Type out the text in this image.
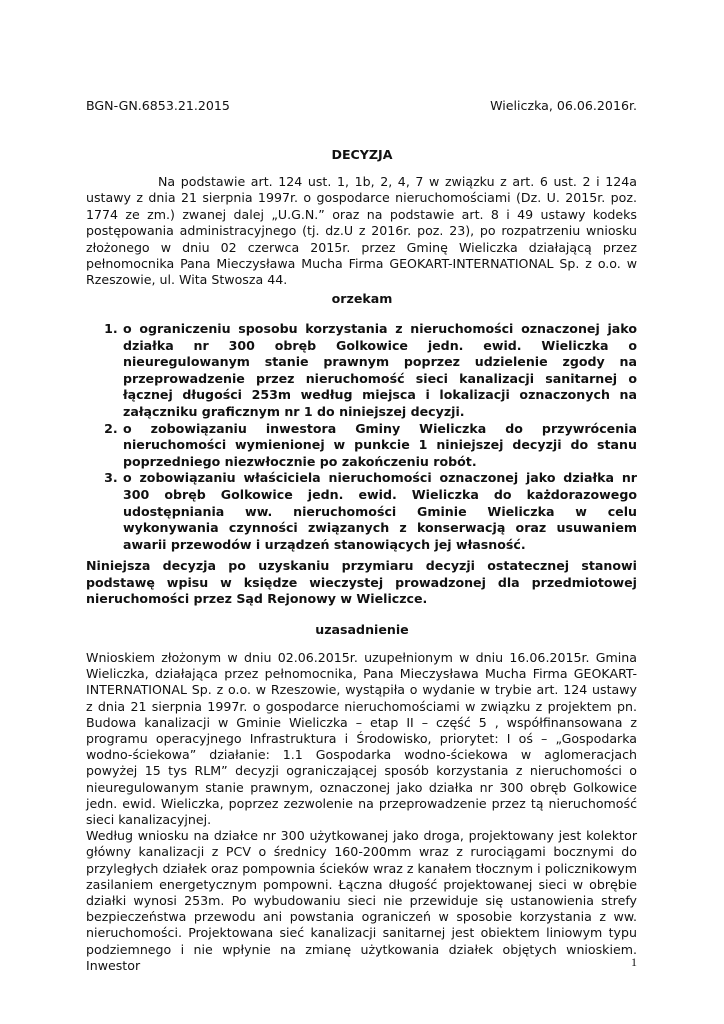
BGN-GN.6853.21.2015	Wieliczka, 06.06.2016r.
DECYZJA
Na podstawie art. 124 ust. 1, 1b, 2, 4, 7 w związku z art. 6 ust. 2 i 124a ustawy z dnia 21 sierpnia 1997r. o gospodarce nieruchomościami (Dz. U. 2015r. poz. 1774 ze zm.) zwanej dalej „U.G.N.” oraz na podstawie art. 8 i 49 ustawy kodeks postępowania administracyjnego (tj. dz.U z 2016r. poz. 23), po rozpatrzeniu wniosku złożonego w dniu 02 czerwca 2015r. przez Gminę Wieliczka działającą przez pełnomocnika Pana Mieczysława Mucha Firma GEOKART-INTERNATIONAL Sp. z o.o. w Rzeszowie, ul. Wita Stwosza 44.
orzekam
1. o ograniczeniu sposobu korzystania z nieruchomości oznaczonej jako działka nr 300 obręb Golkowice jedn. ewid. Wieliczka o nieuregulowanym stanie prawnym poprzez udzielenie zgody na przeprowadzenie przez nieruchomość sieci kanalizacji sanitarnej o łącznej długości 253m według miejsca i lokalizacji oznaczonych na załączniku graficznym nr 1 do niniejszej decyzji.
2. o zobowiązaniu inwestora Gminy Wieliczka do przywrócenia nieruchomości wymienionej w punkcie 1 niniejszej decyzji do stanu poprzedniego niezwłocznie po zakończeniu robót.
3. o zobowiązaniu właściciela nieruchomości oznaczonej jako działka nr 300 obręb Golkowice jedn. ewid. Wieliczka do każdorazowego udostępniania ww. nieruchomości Gminie Wieliczka w celu wykonywania czynności związanych z konserwacją oraz usuwaniem awarii przewodów i urządzeń stanowiących jej własność.
Niniejsza decyzja po uzyskaniu przymiaru decyzji ostatecznej stanowi podstawę wpisu w księdze wieczystej prowadzonej dla przedmiotowej nieruchomości przez Sąd Rejonowy w Wieliczce.
uzasadnienie

Wnioskiem złożonym w dniu 02.06.2015r. uzupełnionym w dniu 16.06.2015r. Gmina Wieliczka, działająca przez pełnomocnika, Pana Mieczysława Mucha Firma GEOKART-INTERNATIONAL Sp. z o.o. w Rzeszowie, wystąpiła o wydanie w trybie art. 124 ustawy z dnia 21 sierpnia 1997r. o gospodarce nieruchomościami w związku z projektem pn. Budowa kanalizacji w Gminie Wieliczka – etap II – część 5 , współfinansowana z programu operacyjnego Infrastruktura i Środowisko, priorytet: I oś – „Gospodarka wodno-ściekowa” działanie: 1.1 Gospodarka wodno-ściekowa w aglomeracjach powyżej 15 tys RLM” decyzji ograniczającej sposób korzystania z nieruchomości o nieuregulowanym stanie prawnym, oznaczonej jako działka nr 300 obręb Golkowice jedn. ewid. Wieliczka, poprzez zezwolenie na przeprowadzenie przez tą nieruchomość sieci kanalizacyjnej.

Według wniosku na działce nr 300 użytkowanej jako droga, projektowany jest kolektor główny kanalizacji z PCV o średnicy 160-200mm wraz z rurociągami bocznymi do przyległych działek oraz pompownia ścieków wraz z kanałem tłocznym i policznikowym zasilaniem energetycznym pompowni. Łączna długość projektowanej sieci w obrębie działki wynosi 253m. Po wybudowaniu sieci nie przewiduje się ustanowienia strefy bezpieczeństwa przewodu ani powstania ograniczeń w sposobie korzystania z ww. nieruchomości. Projektowana sieć kanalizacji sanitarnej jest obiektem liniowym typu podziemnego i nie wpłynie na zmianę użytkowania działek objętych wnioskiem. Inwestor	1
